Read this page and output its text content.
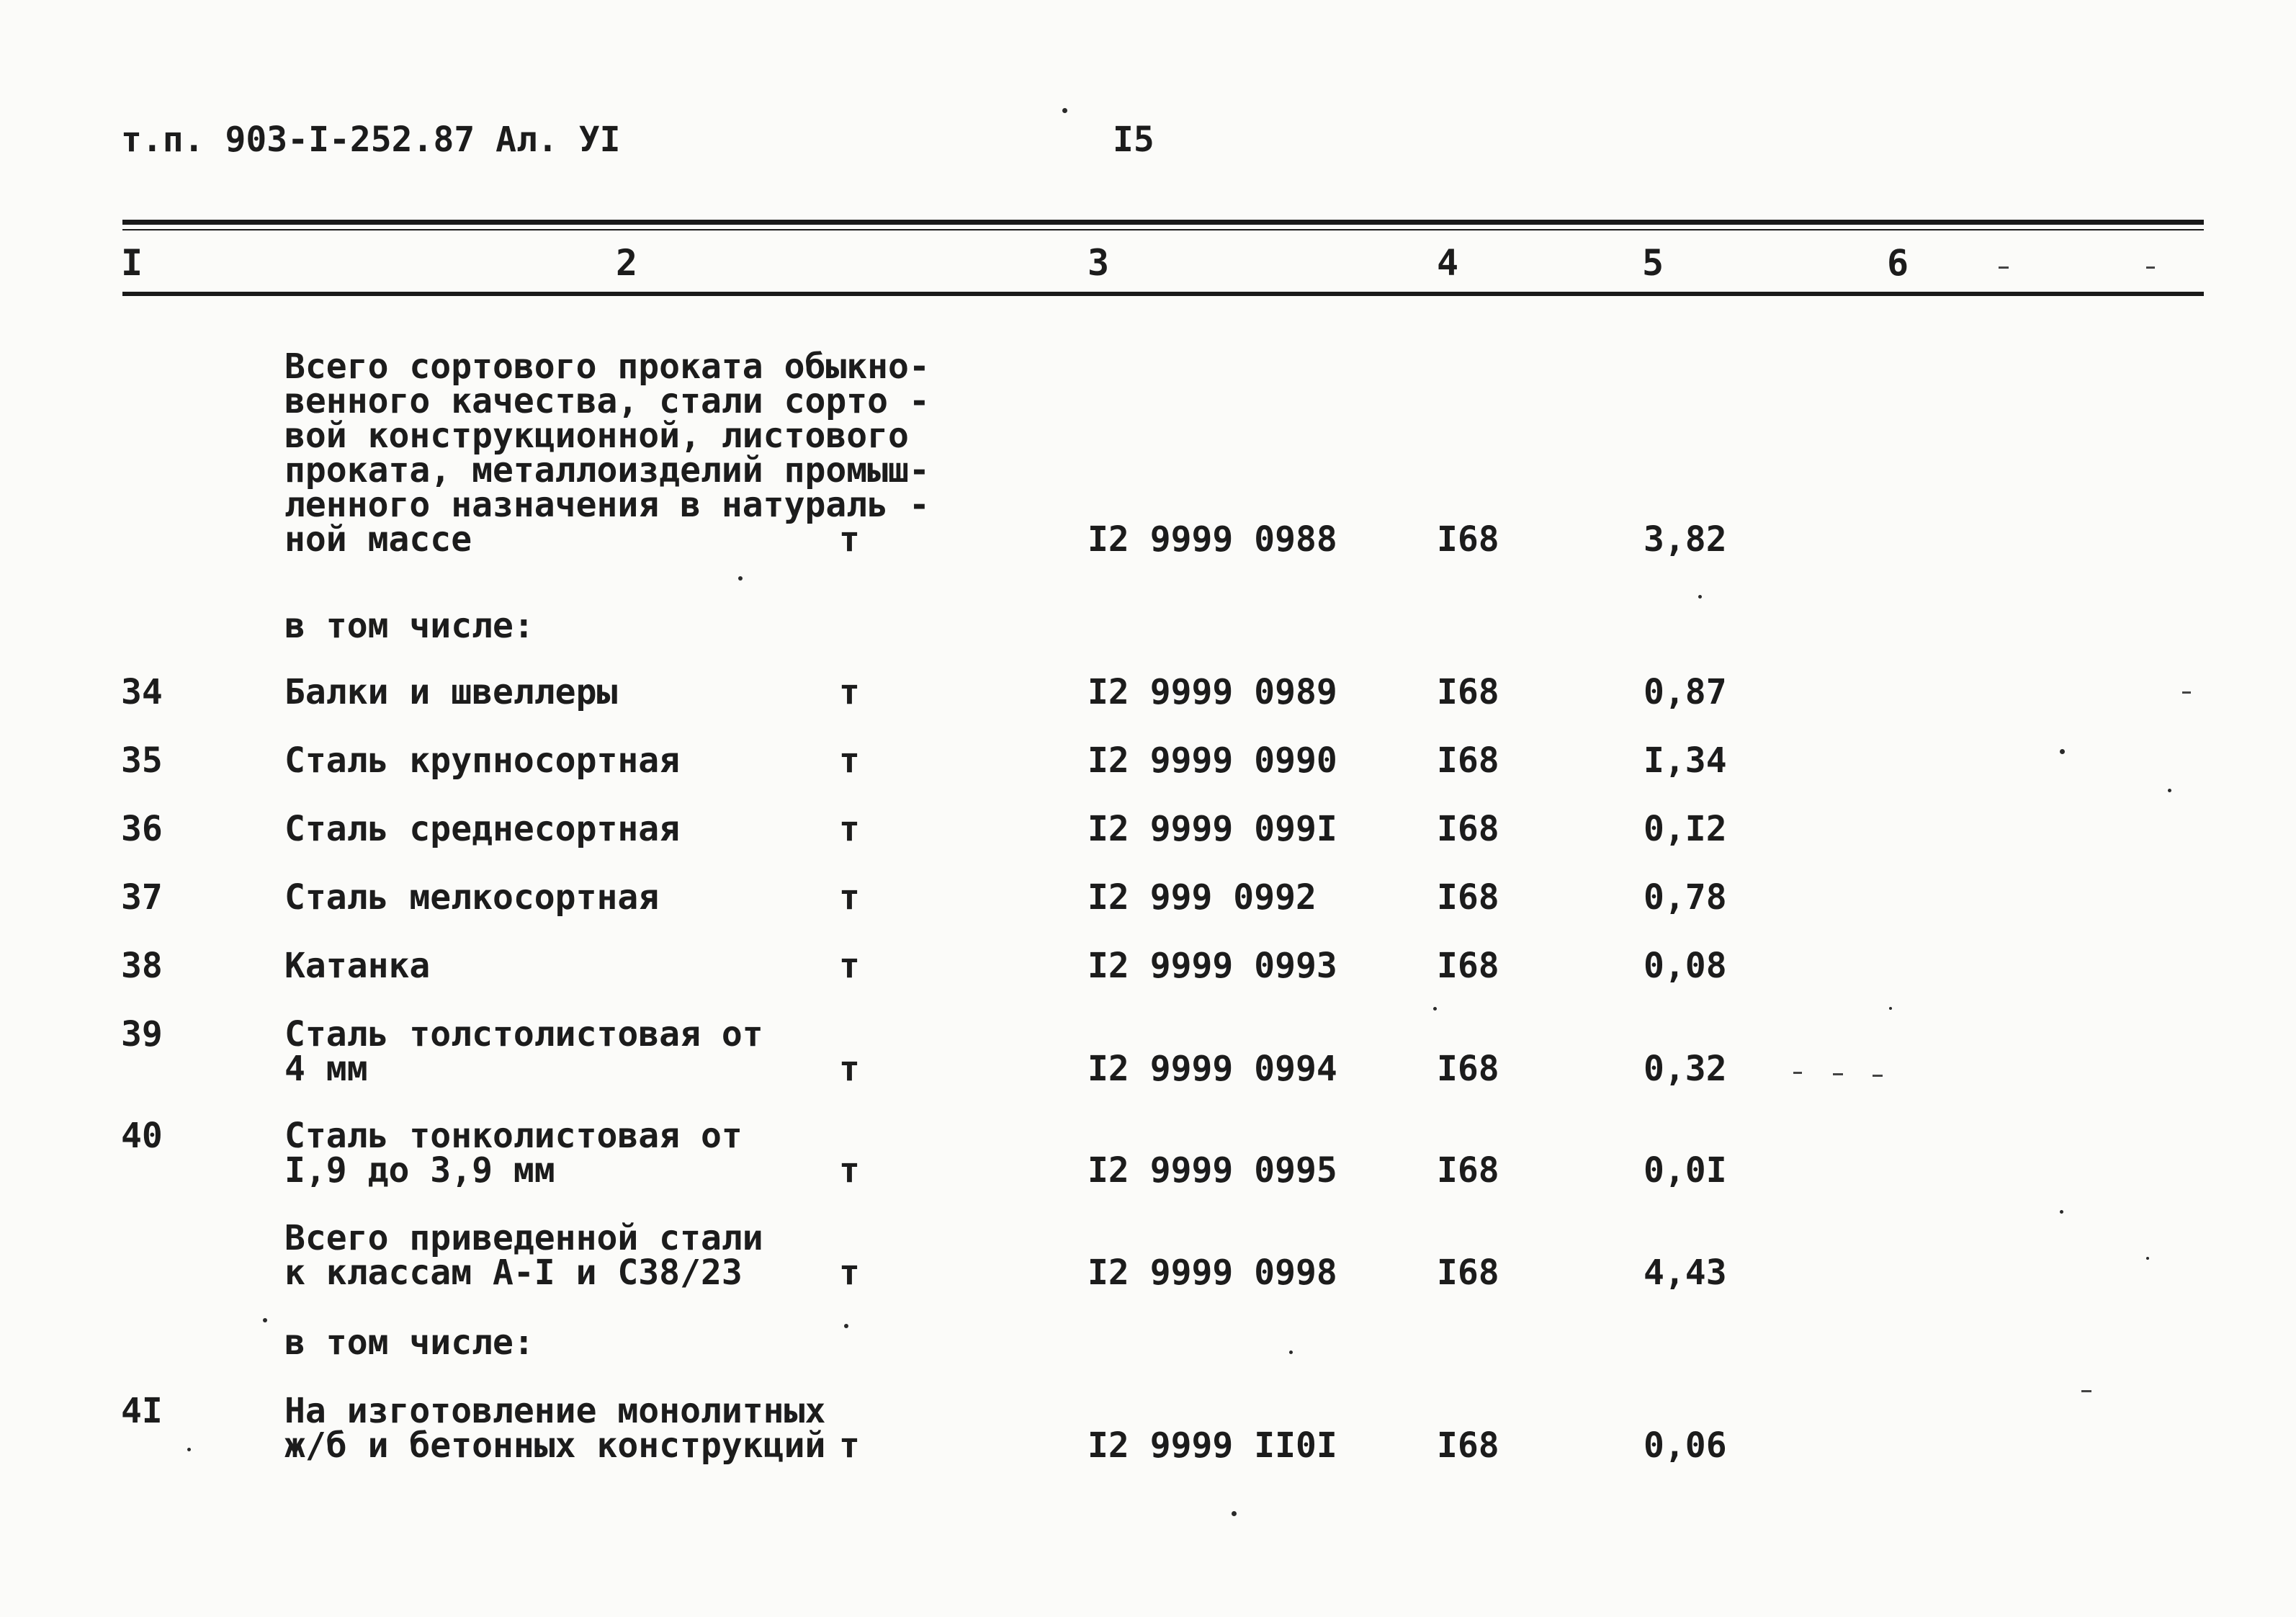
т.п. 903-I-252.87 Ал. УI	I5
I	2	3	4	5	6
Всего сортового проката обыкно-
венного качества, стали сорто -
вой конструкционной, листового
проката, металлоизделий промыш-
ленного назначения в натураль -
ной массе	т	I2 9999 0988	I68	3,82
в том числе:
34	Балки и швеллеры	т	I2 9999 0989	I68	0,87
35	Сталь крупносортная	т	I2 9999 0990	I68	I,34
36	Сталь среднесортная	т	I2 9999 099I	I68	0,I2
37	Сталь мелкосортная	т	I2 999 0992	I68	0,78
38	Катанка	т	I2 9999 0993	I68	0,08
39	Сталь толстолистовая от
4 мм	т	I2 9999 0994	I68	0,32
40	Сталь тонколистовая от
I,9 до 3,9 мм	т	I2 9999 0995	I68	0,0I
Всего приведенной стали
к классам А-I и С38/23	т	I2 9999 0998	I68	4,43
в том числе:
4I	На изготовление монолитных
ж/б и бетонных конструкций т	I2 9999 II0I	I68	0,06
